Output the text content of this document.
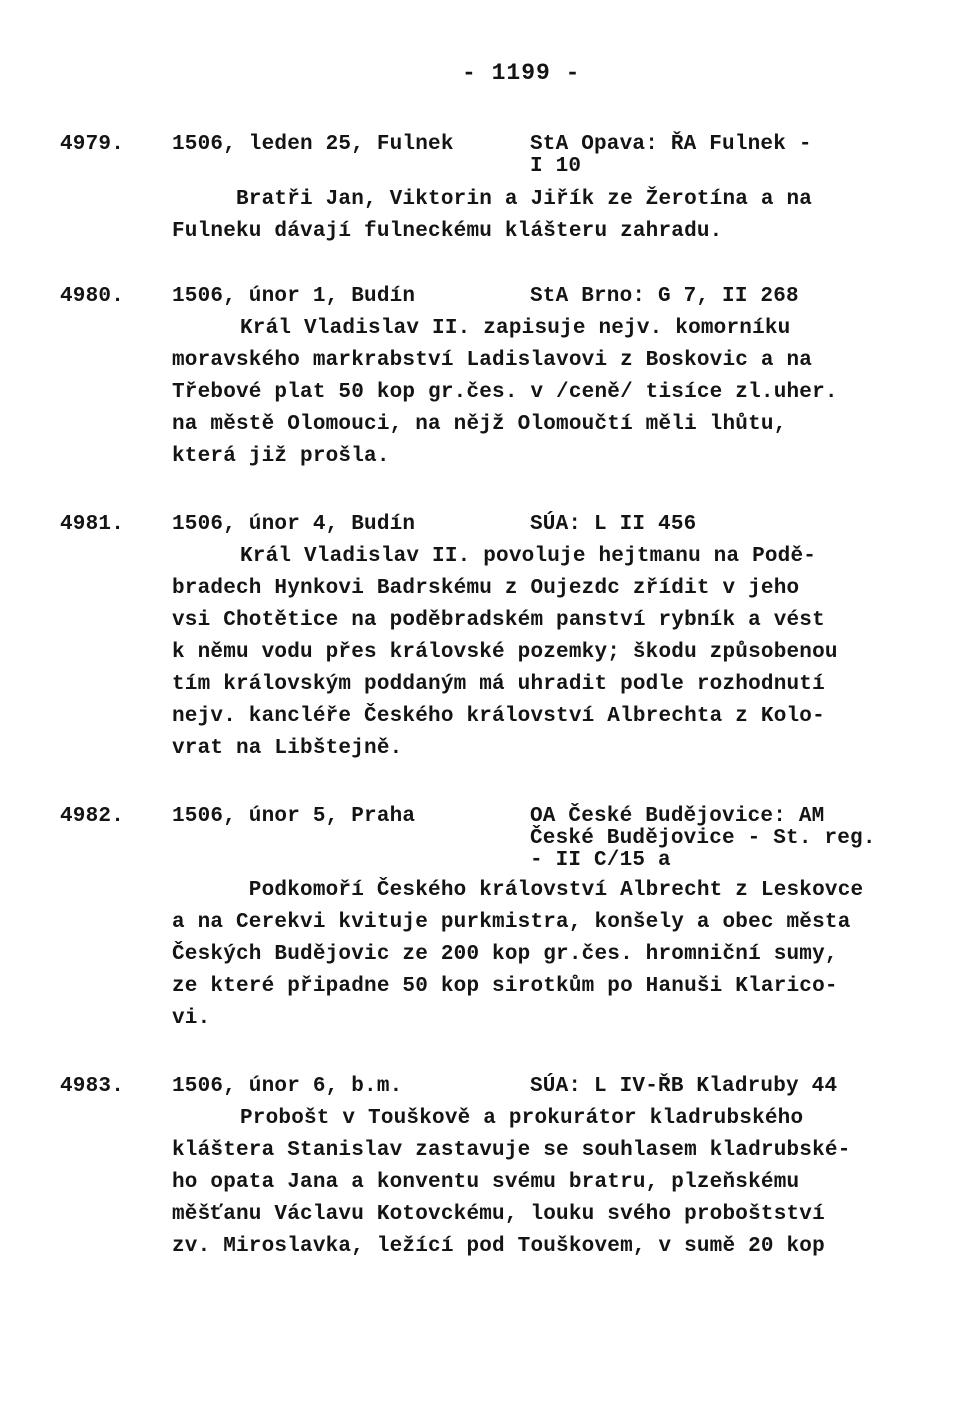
- 1199 -
4979. 1506, leden 25, Fulnek	StA Opava: ŘA Fulnek -
I 10
Bratři Jan, Viktorin a Jiřík ze Žerotína a na
Fulneku dávají fulneckému klášteru zahradu.
4980. 1506, únor 1, Budín	StA Brno: G 7, II 268
Král Vladislav II. zapisuje nejv. komorníku
moravského markrabství Ladislavovi z Boskovic a na
Třebové plat 50 kop gr.čes. v /ceně/ tisíce zl.uher.
na městě Olomouci, na nějž Olomoučtí měli lhůtu,
která již prošla.
4981. 1506, únor 4, Budín	SÚA: L II 456
Král Vladislav II. povoluje hejtmanu na Podě-
bradech Hynkovi Badrskému z Oujezdc zřídit v jeho
vsi Chotětice na poděbradském panství rybník a vést
k němu vodu přes královské pozemky; škodu způsobenou
tím královským poddaným má uhradit podle rozhodnutí
nejv. kancléře Českého království Albrechta z Kolo-
vrat na Libštejně.
4982. 1506, únor 5, Praha	OA České Budějovice: AM
České Budějovice - St. reg.
- II C/15 a
Podkomoří Českého království Albrecht z Leskovce
a na Cerekvi kvituje purkmistra, konšely a obec města
Českých Budějovic ze 200 kop gr.čes. hromniční sumy,
ze které připadne 50 kop sirotkům po Hanuši Klarico-
vi.
4983. 1506, únor 6, b.m.	SÚA: L IV-ŘB Kladruby 44
Probošt v Touškově a prokurátor kladrubského
kláštera Stanislav zastavuje se souhlasem kladrubské-
ho opata Jana a konventu svému bratru, plzeňskému
měšťanu Václavu Kotovckému, louku svého proboštství
zv. Miroslavka, ležící pod Touškovem, v sumě 20 kop
